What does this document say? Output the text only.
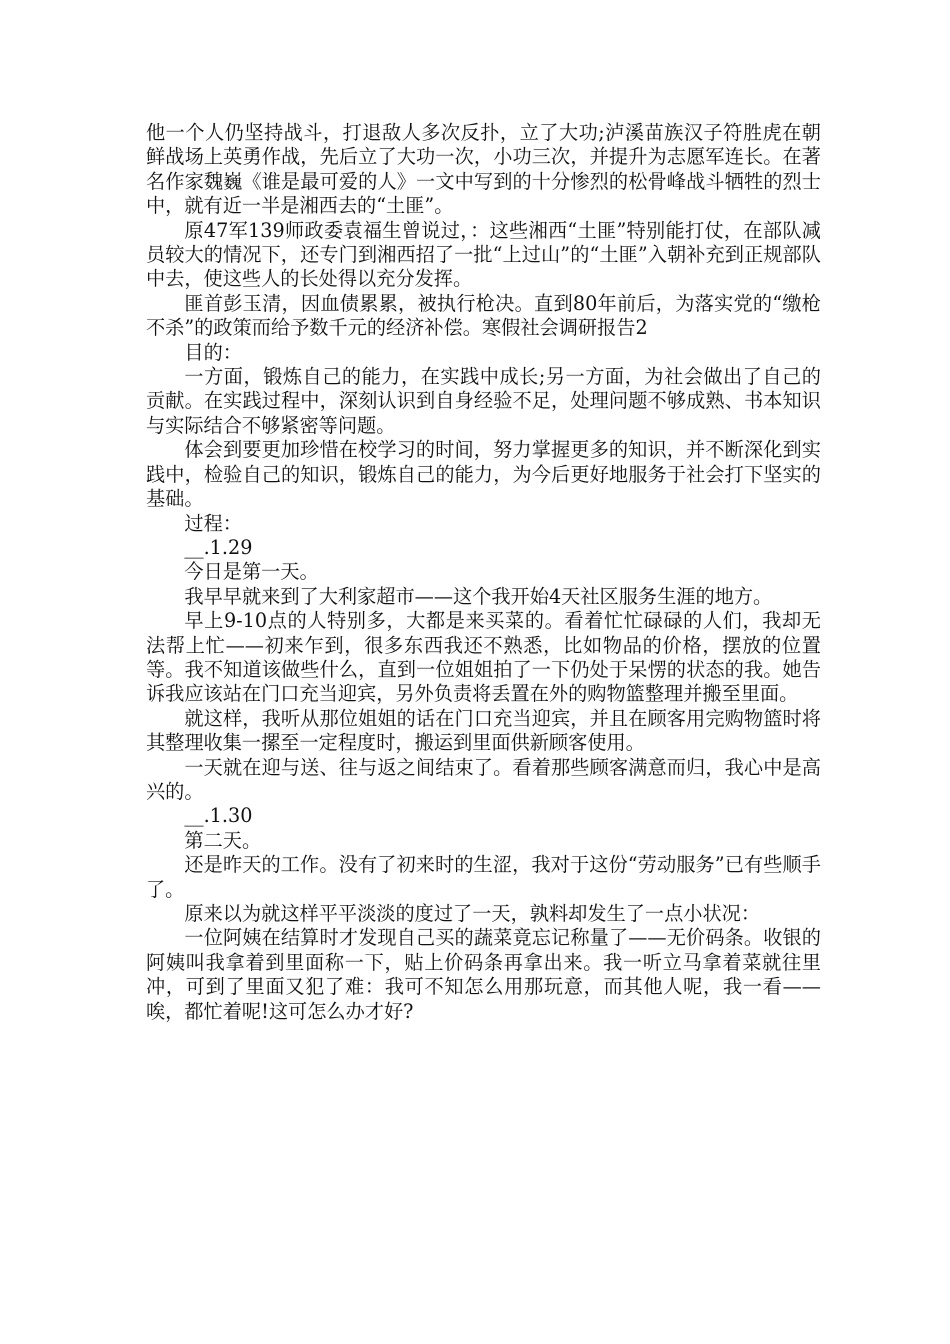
他一个人仍坚持战斗，打退敌人多次反扑，立了大功;泸溪苗族汉子符胜虎在朝鲜战场上英勇作战，先后立了大功一次，小功三次，并提升为志愿军连长。在著名作家魏巍《谁是最可爱的人》一文中写到的十分惨烈的松骨峰战斗牺牲的烈士中，就有近一半是湘西去的“土匪”。

原47军139师政委袁福生曾说过，：这些湘西“土匪”特别能打仗，在部队减员较大的情况下，还专门到湘西招了一批“上过山”的“土匪”入朝补充到正规部队中去，使这些人的长处得以充分发挥。

匪首彭玉清，因血债累累，被执行枪决。直到80年前后，为落实党的“缴枪不杀”的政策而给予数千元的经济补偿。寒假社会调研报告2

目的：

一方面，锻炼自己的能力，在实践中成长;另一方面，为社会做出了自己的贡献。在实践过程中，深刻认识到自身经验不足，处理问题不够成熟、书本知识与实际结合不够紧密等问题。

体会到要更加珍惜在校学习的时间，努力掌握更多的知识，并不断深化到实践中，检验自己的知识，锻炼自己的能力，为今后更好地服务于社会打下坚实的基础。

过程：

__.1.29

今日是第一天。

我早早就来到了大利家超市——这个我开始4天社区服务生涯的地方。

早上9-10点的人特别多，大都是来买菜的。看着忙忙碌碌的人们，我却无法帮上忙——初来乍到，很多东西我还不熟悉，比如物品的价格，摆放的位置等。我不知道该做些什么，直到一位姐姐拍了一下仍处于呆愣的状态的我。她告诉我应该站在门口充当迎宾，另外负责将丢置在外的购物篮整理并搬至里面。

就这样，我听从那位姐姐的话在门口充当迎宾，并且在顾客用完购物篮时将其整理收集一摞至一定程度时，搬运到里面供新顾客使用。

一天就在迎与送、往与返之间结束了。看着那些顾客满意而归，我心中是高兴的。

__.1.30

第二天。

还是昨天的工作。没有了初来时的生涩，我对于这份“劳动服务”已有些顺手了。

原来以为就这样平平淡淡的度过了一天，孰料却发生了一点小状况：

一位阿姨在结算时才发现自己买的蔬菜竟忘记称量了——无价码条。收银的阿姨叫我拿着到里面称一下，贴上价码条再拿出来。我一听立马拿着菜就往里冲，可到了里面又犯了难：我可不知怎么用那玩意，而其他人呢，我一看——唉，都忙着呢!这可怎么办才好?
